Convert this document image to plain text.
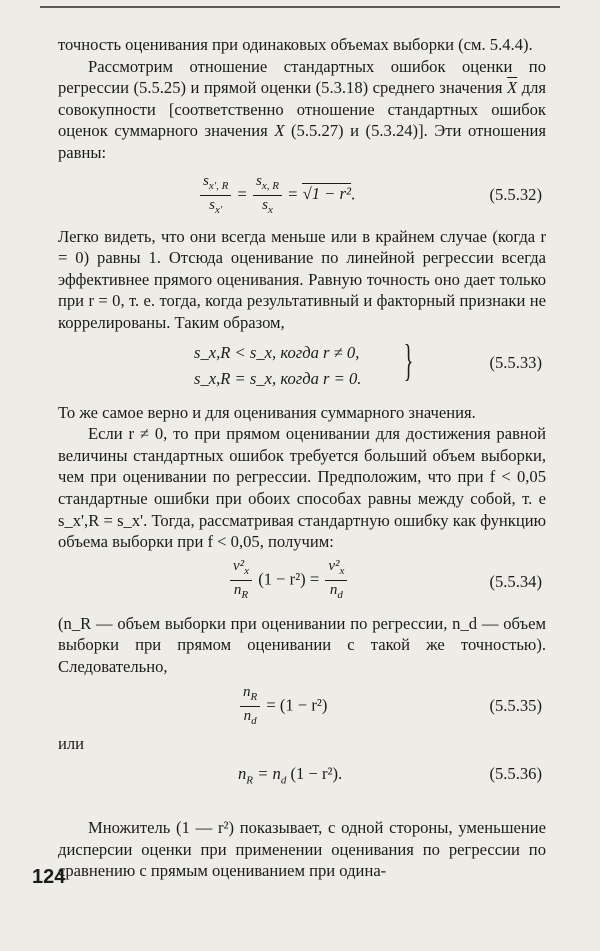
точность оценивания при одинаковых объемах выборки (см. 5.4.4).

Рассмотрим отношение стандартных ошибок оценки по регрессии (5.5.25) и прямой оценки (5.3.18) среднего значения $\overline{X}$ для совокупности [соответственно отношение стандартных ошибок оценок суммарного значения X (5.5.27) и (5.3.24)]. Эти отношения равны:

$\frac{s_{x', R}}{s_{x'}} = \frac{s_{x, R}}{s_x} = √1 - r^2$.	(5.5.32)

Легко видеть, что они всегда меньше или в крайнем случае (когда r = 0) равны 1. Отсюда оценивание по линейной регрессии всегда эффективнее прямого оценивания. Равную точность оно дает только при r = 0, т. е. тогда, когда результативный и факторный признаки не коррелированы. Таким образом,

s_x,R < s_x, когда r ≠ 0,
s_x,R = s_x, когда r = 0. }	(5.5.33)

То же самое верно и для оценивания суммарного значения.

Если r ≠ 0, то при прямом оценивании для достижения равной величины стандартных ошибок требуется больший объем выборки, чем при оценивании по регрессии. Предположим, что при f < 0,05 стандартные ошибки при обоих способах равны между собой, т. е s_x',R = s_x'. Тогда, рассматривая стандартную ошибку как функцию объема выборки при f < 0,05, получим:

$\frac{v^2_x}{n_R} (1 - r^2) = \frac{v^2_x}{n_d}$	(5.5.34)

(n_R — объем выборки при оценивании по регрессии, n_d — объем выборки при прямом оценивании с такой же точностью). Следовательно,

$\frac{n_R}{n_d} = (1 - r^2)$	(5.5.35)

или

$n_R = n_d$ (1 − r²).	(5.5.36)

Множитель (1 — r²) показывает, с одной стороны, уменьшение дисперсии оценки при применении оценивания по регрессии по сравнению с прямым оцениванием при одина-

124
